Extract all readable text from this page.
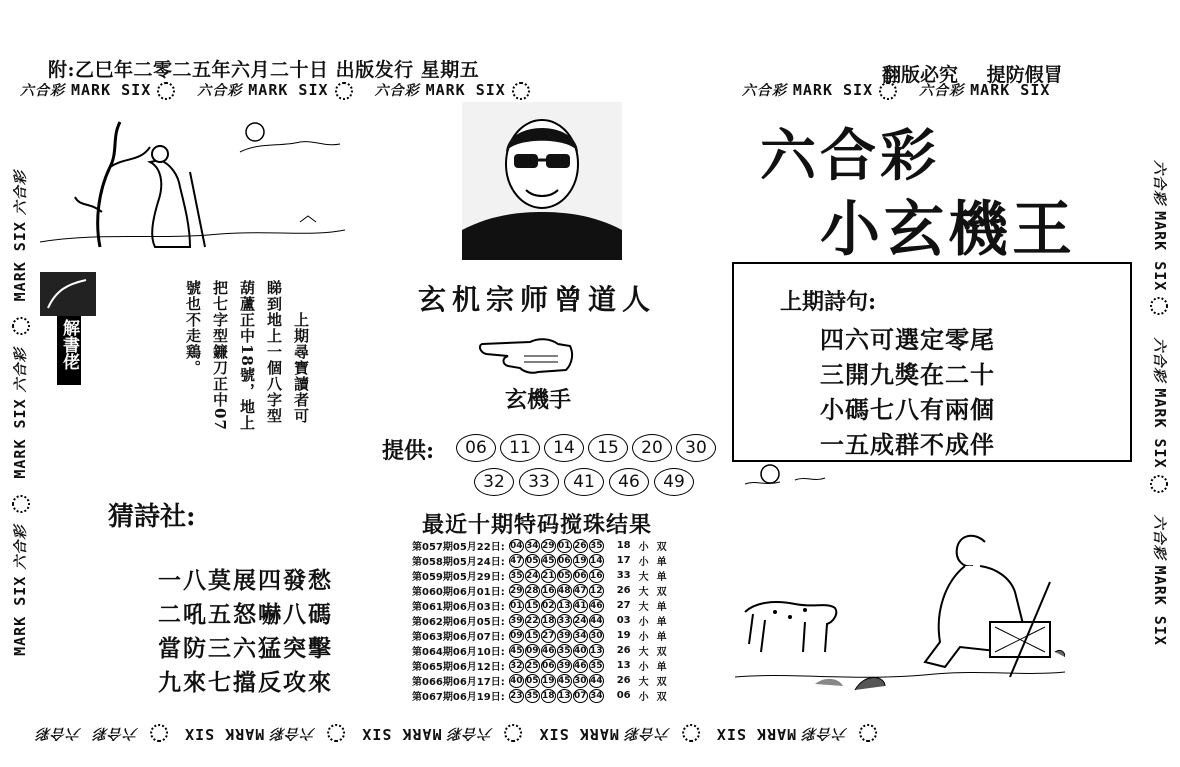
附:乙巳年二零二五年六月二十日 出版发行 星期五	翻版必究 提防假冒
六合彩 MARK SIX	六合彩 MARK SIX	六合彩 MARK SIX	六合彩 MARK SIX	六合彩 MARK SIX
六合彩MARK SIX 六合彩MARK SIX 六合彩MARK SIX 六合彩MARK SIX 六合彩六合彩
MARK SIX六合彩 MARK SIX六合彩 MARK SIX六合彩	六合彩MARK SIX 六合彩MARK SIX 六合彩MARK SIX
六合彩
小玄機王
玄机宗师曾道人
玄機手
提供:	06	11	14	15	20	30
32	33	41	46	49
上期詩句:
四六可選定零尾
三開九獎在二十
小碼七八有兩個
一五成群不成伴
解書佬	上期尋寶讀者可
睇到地上一個八字型
葫蘆正中18號，地上
把七字型鐮刀正中07
號也不走鶏。
猜詩社:
一八莫展四發愁
二吼五怒嚇八碼
當防三六猛突擊
九來七擋反攻來
最近十期特码搅珠结果
第057期05月22日:	04 34 29 01 26 35	18	小	双
第058期05月24日:	47 05 45 06 19 14	17	小	单
第059期05月29日:	35 24 21 05 06 16	33	大	单
第060期06月01日:	29 28 16 48 47 12	26	大	双
第061期06月03日:	01 15 02 13 41 46	27	大	单
第062期06月05日:	39 22 18 33 24 44	03	小	单
第063期06月07日:	09 15 27 39 34 30	19	小	单
第064期06月10日:	45 09 46 35 40 13	26	大	双
第065期06月12日:	32 25 06 39 46 35	13	小	单
第066期06月17日:	40 05 19 45 30 44	26	大	双
第067期06月19日:	23 35 18 13 07 34	06	小	双
